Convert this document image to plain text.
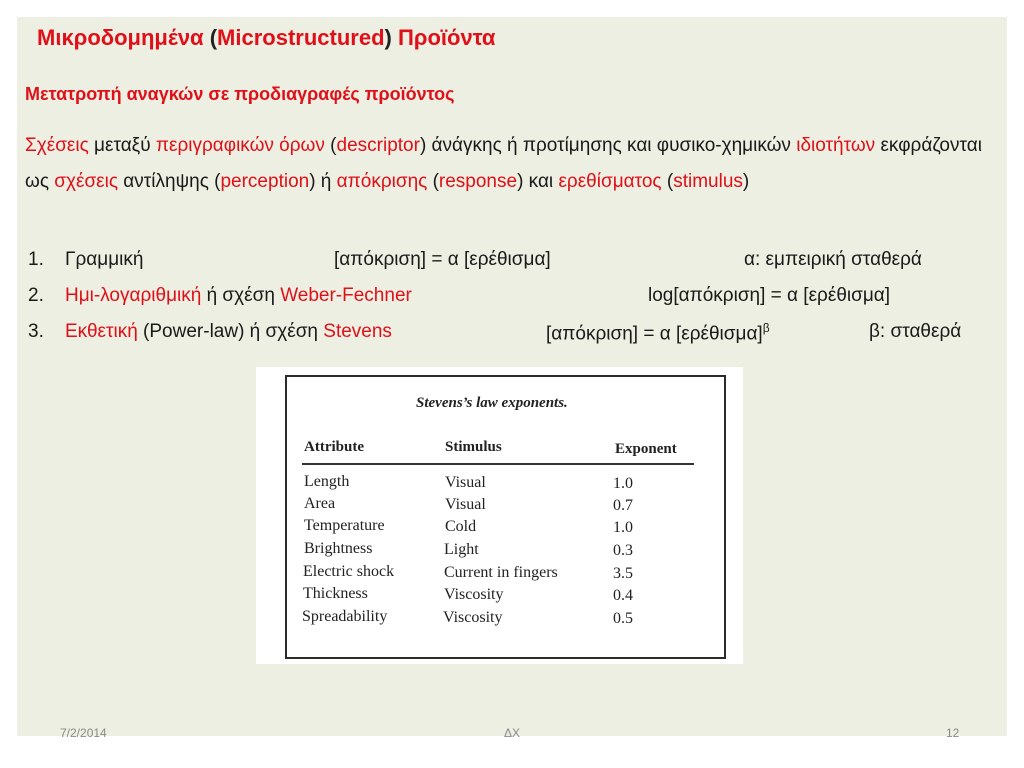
Μικροδομημένα (Microstructured) Προϊόντα
Μετατροπή αναγκών σε προδιαγραφές προϊόντος
Σχέσεις μεταξύ περιγραφικών όρων (descriptor) άνάγκης ή προτίμησης και φυσικο-χημικών ιδιοτήτων εκφράζονται ως σχέσεις αντίληψης (perception) ή απόκρισης (response) και ερεθίσματος (stimulus)
1. Γραμμική	[απόκριση] = α [ερέθισμα]	α: εμπειρική σταθερά
2. Ημι-λογαριθμική ή σχέση Weber-Fechner	log[απόκριση] = α [ερέθισμα]
3. Εκθετική (Power-law) ή σχέση Stevens	[απόκριση] = α $[\varepsilon\rho έ\theta\iota\sigma\mu\alpha]^\beta$	β: σταθερά
Stevens’s law exponents.
Attribute	Stimulus	Exponent
Length	Visual	1.0
Area	Visual	0.7
Temperature	Cold	1.0
Brightness	Light	0.3
Electric shock	Current in fingers	3.5
Thickness	Viscosity	0.4
Spreadability	Viscosity	0.5
7/2/2014	ΔΧ	12
